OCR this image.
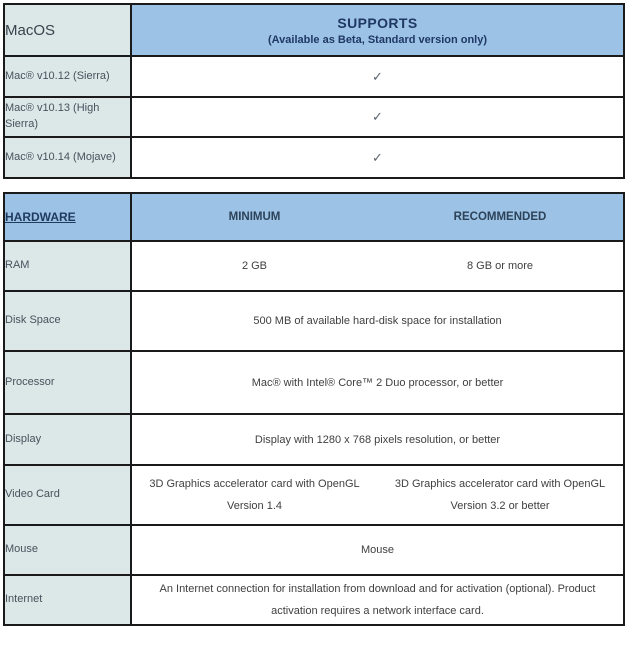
MacOS	SUPPORTS
(Available as Beta, Standard version only)

Mac® v10.12 (Sierra)	✓
Mac® v10.13 (High Sierra)	✓
Mac® v10.14 (Mojave)	✓
HARDWARE	MINIMUM	RECOMMENDED
RAM	2 GB	8 GB or more
Disk Space	500 MB of available hard-disk space for installation	
Processor	Mac® with Intel® Core™ 2 Duo processor, or better	
Display	Display with 1280 x 768 pixels resolution, or better	
Video Card	3D Graphics accelerator card with OpenGL Version 1.4	3D Graphics accelerator card with OpenGL Version 3.2 or better
Mouse	Mouse	
Internet	An Internet connection for installation from download and for activation (optional). Product activation requires a network interface card.	
